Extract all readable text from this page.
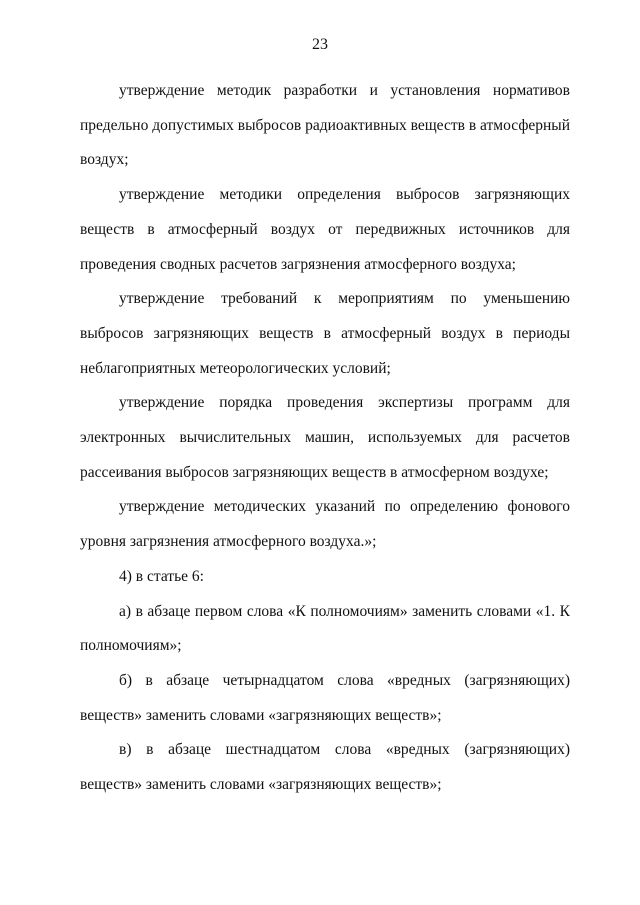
23

утверждение методик разработки и установления нормативов предельно допустимых выбросов радиоактивных веществ в атмосферный воздух;

утверждение методики определения выбросов загрязняющих веществ в атмосферный воздух от передвижных источников для проведения сводных расчетов загрязнения атмосферного воздуха;

утверждение требований к мероприятиям по уменьшению выбросов загрязняющих веществ в атмосферный воздух в периоды неблагоприятных метеорологических условий;

утверждение порядка проведения экспертизы программ для электронных вычислительных машин, используемых для расчетов рассеивания выбросов загрязняющих веществ в атмосферном воздухе;

утверждение методических указаний по определению фонового уровня загрязнения атмосферного воздуха.»;

4) в статье 6:

а) в абзаце первом слова «К полномочиям» заменить словами «1. К полномочиям»;

б) в абзаце четырнадцатом слова «вредных (загрязняющих) веществ» заменить словами «загрязняющих веществ»;

в) в абзаце шестнадцатом слова «вредных (загрязняющих) веществ» заменить словами «загрязняющих веществ»;
